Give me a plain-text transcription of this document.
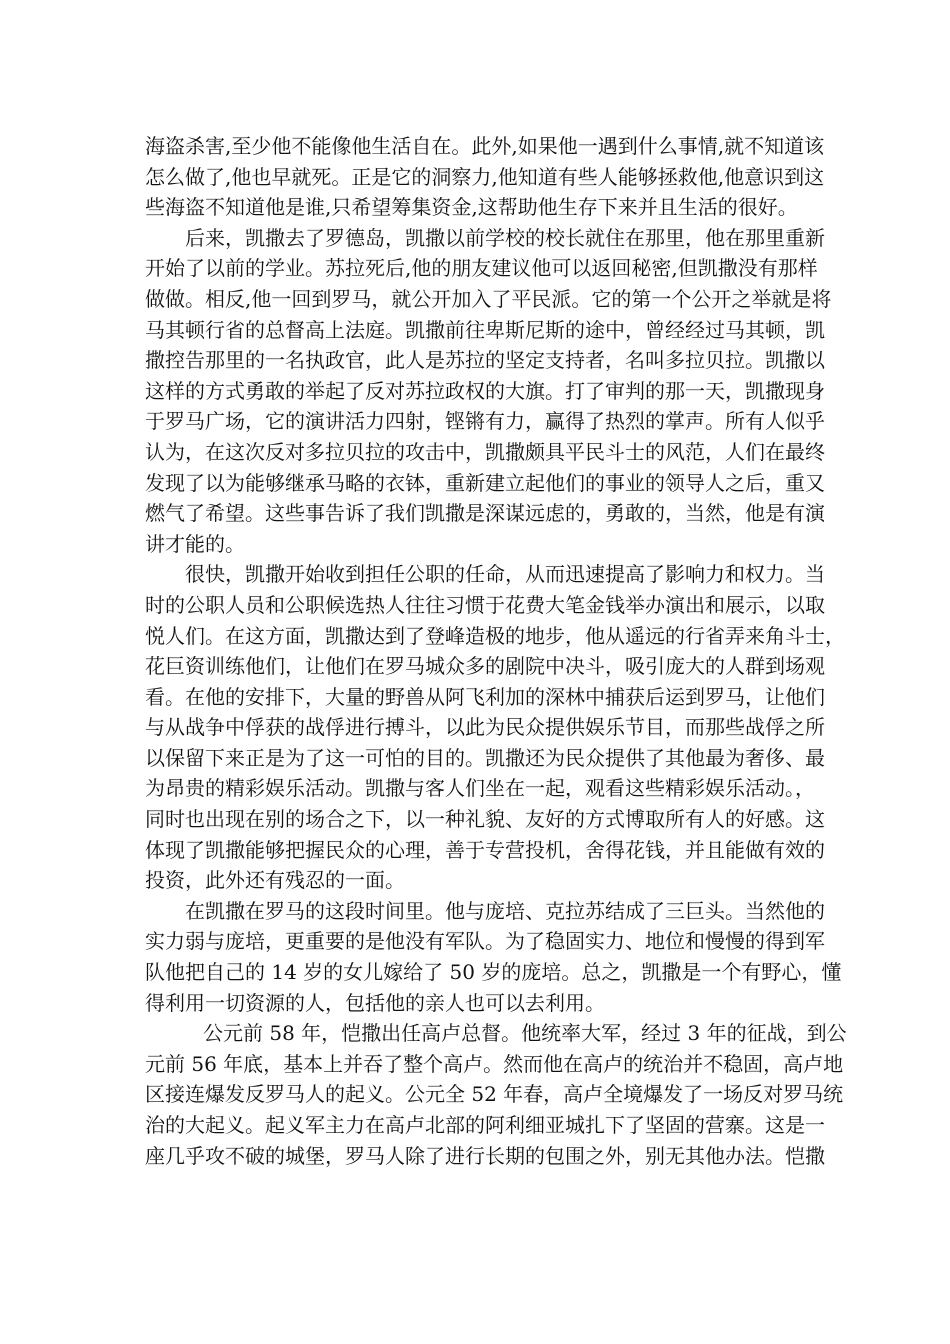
海盗杀害,至少他不能像他生活自在。此外,如果他一遇到什么事情,就不知道该
怎么做了,他也早就死。正是它的洞察力,他知道有些人能够拯救他,他意识到这
些海盗不知道他是谁,只希望筹集资金,这帮助他生存下来并且生活的很好。
后来，凯撒去了罗德岛，凯撒以前学校的校长就住在那里，他在那里重新
开始了以前的学业。苏拉死后,他的朋友建议他可以返回秘密,但凯撒没有那样
做做。相反,他一回到罗马，就公开加入了平民派。它的第一个公开之举就是将
马其顿行省的总督高上法庭。凯撒前往卑斯尼斯的途中，曾经经过马其顿，凯
撒控告那里的一名执政官，此人是苏拉的坚定支持者，名叫多拉贝拉。凯撒以
这样的方式勇敢的举起了反对苏拉政权的大旗。打了审判的那一天，凯撒现身
于罗马广场，它的演讲活力四射，铿锵有力，赢得了热烈的掌声。所有人似乎
认为，在这次反对多拉贝拉的攻击中，凯撒颇具平民斗士的风范，人们在最终
发现了以为能够继承马略的衣钵，重新建立起他们的事业的领导人之后，重又
燃气了希望。这些事告诉了我们凯撒是深谋远虑的，勇敢的，当然，他是有演
讲才能的。
很快，凯撒开始收到担任公职的任命，从而迅速提高了影响力和权力。当
时的公职人员和公职候选热人往往习惯于花费大笔金钱举办演出和展示，以取
悦人们。在这方面，凯撒达到了登峰造极的地步，他从遥远的行省弄来角斗士，
花巨资训练他们，让他们在罗马城众多的剧院中决斗，吸引庞大的人群到场观
看。在他的安排下，大量的野兽从阿飞利加的深林中捕获后运到罗马，让他们
与从战争中俘获的战俘进行搏斗，以此为民众提供娱乐节目，而那些战俘之所
以保留下来正是为了这一可怕的目的。凯撒还为民众提供了其他最为奢侈、最
为昂贵的精彩娱乐活动。凯撒与客人们坐在一起，观看这些精彩娱乐活动。，
同时也出现在别的场合之下，以一种礼貌、友好的方式博取所有人的好感。这
体现了凯撒能够把握民众的心理，善于专营投机，舍得花钱，并且能做有效的
投资，此外还有残忍的一面。
在凯撒在罗马的这段时间里。他与庞培、克拉苏结成了三巨头。当然他的
实力弱与庞培，更重要的是他没有军队。为了稳固实力、地位和慢慢的得到军
队他把自己的 14 岁的女儿嫁给了 50 岁的庞培。总之，凯撒是一个有野心，懂
得利用一切资源的人，包括他的亲人也可以去利用。
公元前 58 年，恺撒出任高卢总督。他统率大军，经过 3 年的征战，到公
元前 56 年底，基本上并吞了整个高卢。然而他在高卢的统治并不稳固，高卢地
区接连爆发反罗马人的起义。公元全 52 年春，高卢全境爆发了一场反对罗马统
治的大起义。起义军主力在高卢北部的阿利细亚城扎下了坚固的营寨。这是一
座几乎攻不破的城堡，罗马人除了进行长期的包围之外，别无其他办法。恺撒
